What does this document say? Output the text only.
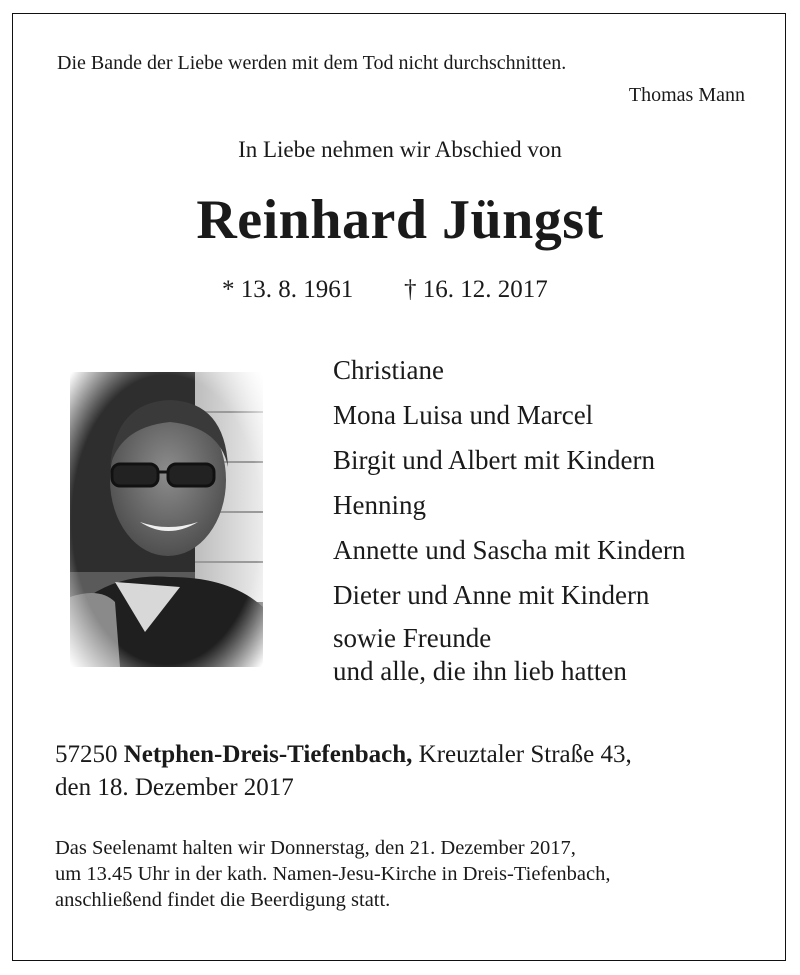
Die Bande der Liebe werden mit dem Tod nicht durchschnitten.
Thomas Mann
In Liebe nehmen wir Abschied von
Reinhard Jüngst
* 13. 8. 1961 † 16. 12. 2017
Christiane
Mona Luisa und Marcel
Birgit und Albert mit Kindern
Henning
Annette und Sascha mit Kindern
Dieter und Anne mit Kindern
sowie Freunde
und alle, die ihn lieb hatten
57250 Netphen-Dreis-Tiefenbach, Kreuztaler Straße 43,
den 18. Dezember 2017
Das Seelenamt halten wir Donnerstag, den 21. Dezember 2017,
um 13.45 Uhr in der kath. Namen-Jesu-Kirche in Dreis-Tiefenbach,
anschließend findet die Beerdigung statt.
